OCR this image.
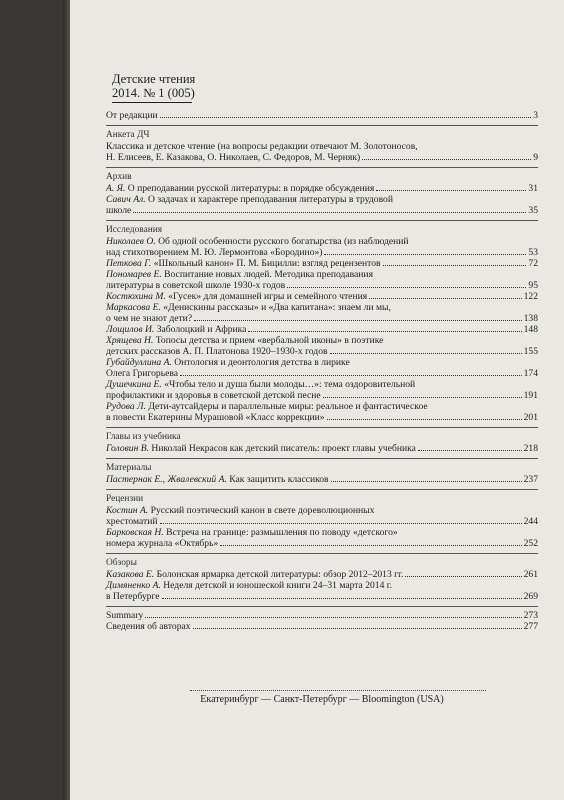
Детские чтения
2014. № 1 (005)
От редакции	3
Анкета ДЧ
Классика и детское чтение (на вопросы редакции отвечают М. Золотоносов,
Н. Елисеев, Е. Казакова, О. Николаев, С. Федоров, М. Черняк)	9
Архив
А. Я. О преподавании русской литературы: в порядке обсуждения	31
Савич Ал. О задачах и характере преподавания литературы в трудовой
школе	35
Исследования
Николаев О. Об одной особенности русского богатырства (из наблюдений
над стихотворением М. Ю. Лермонтова «Бородино»)	53
Петкова Г. «Школьный канон» П. М. Бицилли: взгляд рецензентов	72
Пономарев Е. Воспитание новых людей. Методика преподавания
литературы в советской школе 1930-х годов	95
Костюхина М. «Гусек» для домашней игры и семейного чтения	122
Маркасова Е. «Денискины рассказы» и «Два капитана»: знаем ли мы,
о чем не знают дети?	138
Лощилов И. Заболоцкий и Африка	148
Хрящева Н. Топосы детства и прием «вербальной иконы» в поэтике
детских рассказов А. П. Платонова 1920–1930-х годов	155
Губайдуллина А. Онтология и деонтология детства в лирике
Олега Григорьева	174
Душечкина Е. «Чтобы тело и душа были молоды…»: тема оздоровительной
профилактики и здоровья в советской детской песне	191
Рудова Л. Дети-аутсайдеры и параллельные миры: реальное и фантастическое
в повести Екатерины Мурашовой «Класс коррекции»	201
Главы из учебника
Головин В. Николай Некрасов как детский писатель: проект главы учебника	218
Материалы
Пастернак Е., Жвалевский А. Как защитить классиков	237
Рецензии
Костин А. Русский поэтический канон в свете дореволюционных
хрестоматий	244
Барковская Н. Встреча на границе: размышления по поводу «детского»
номера журнала «Октябрь»	252
Обзоры
Казакова Е. Болонская ярмарка детской литературы: обзор 2012–2013 гг.	261
Димяненко А. Неделя детской и юношеской книги 24–31 марта 2014 г.
в Петербурге	269
Summary	273
Сведения об авторах	277
Екатеринбург — Санкт-Петербург — Bloomington (USA)
